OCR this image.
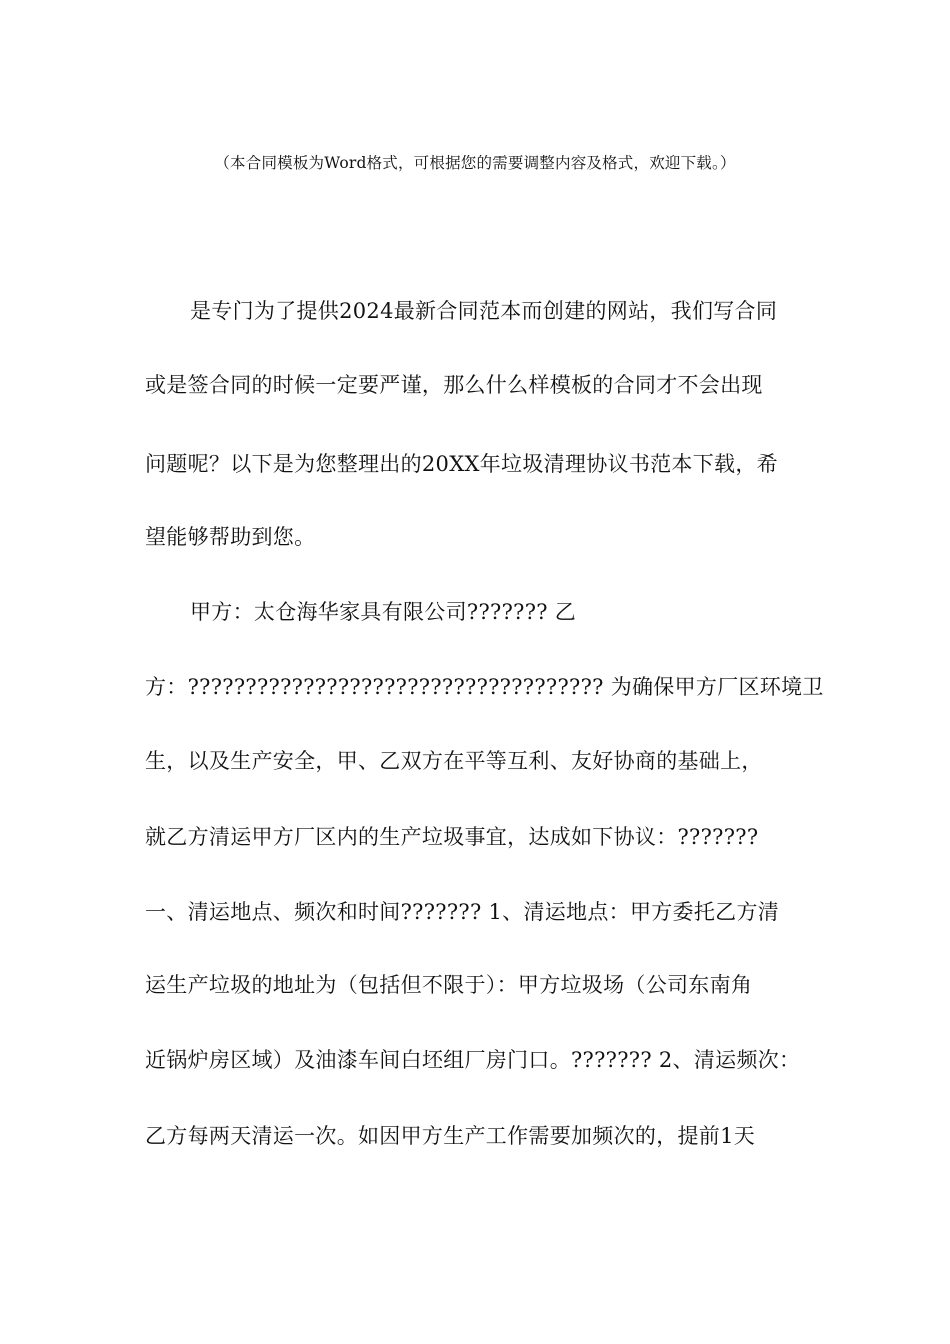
（本合同模板为Word格式，可根据您的需要调整内容及格式，欢迎下载。）
是专门为了提供2024最新合同范本而创建的网站，我们写合同
或是签合同的时候一定要严谨，那么什么样模板的合同才不会出现
问题呢？以下是为您整理出的20XX年垃圾清理协议书范本下载，希
望能够帮助到您。
甲方：太仓海华家具有限公司??????? 乙
方：???????????????????????????????????? 为确保甲方厂区环境卫
生，以及生产安全，甲、乙双方在平等互利、友好协商的基础上，
就乙方清运甲方厂区内的生产垃圾事宜，达成如下协议：???????
一、清运地点、频次和时间??????? 1、清运地点：甲方委托乙方清
运生产垃圾的地址为（包括但不限于）：甲方垃圾场（公司东南角
近锅炉房区域）及油漆车间白坯组厂房门口。??????? 2、清运频次：
乙方每两天清运一次。如因甲方生产工作需要加频次的，提前1天
